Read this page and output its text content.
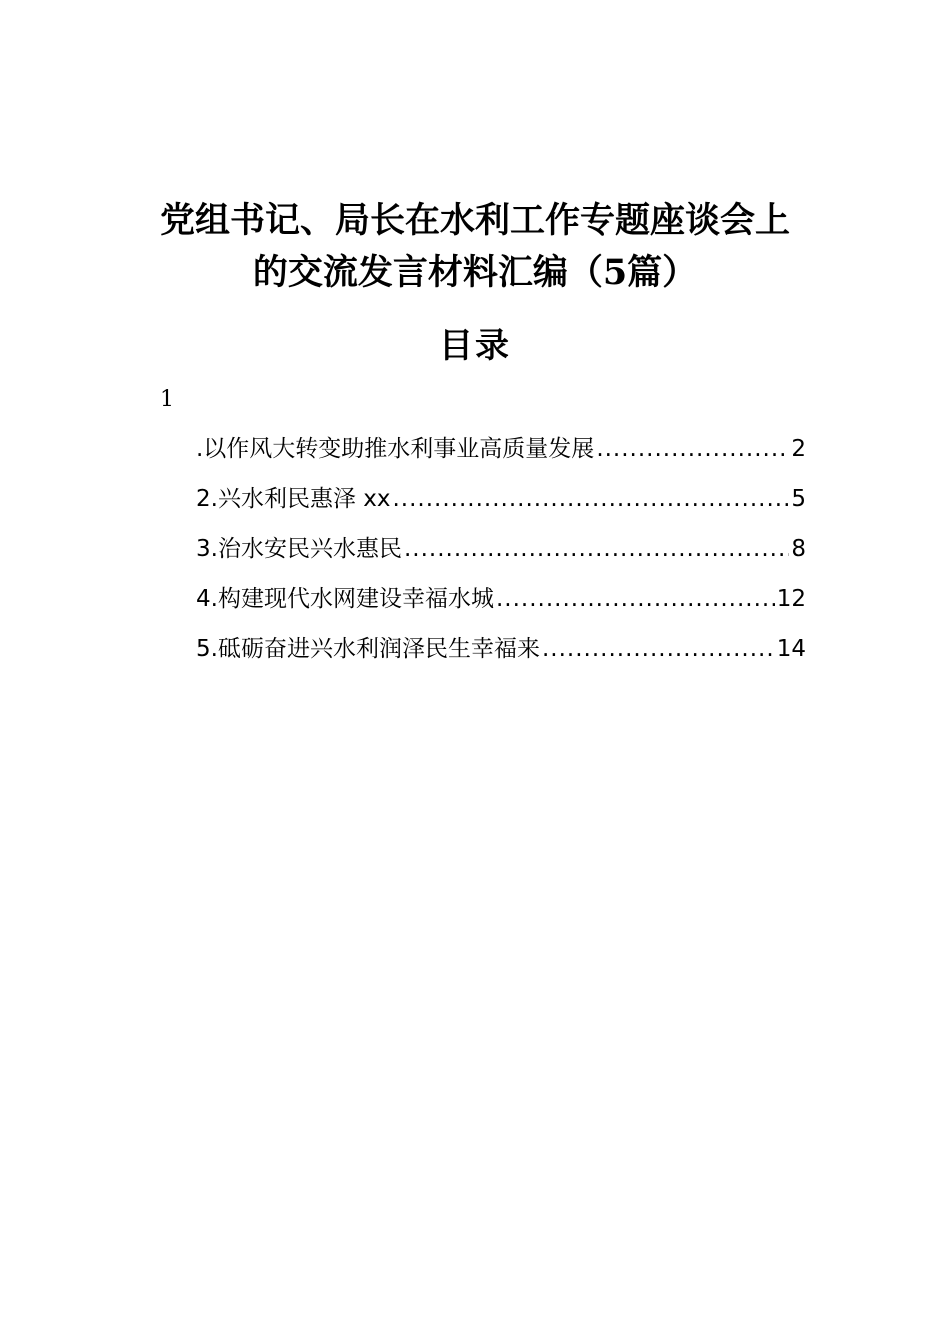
党组书记、局长在水利工作专题座谈会上
的交流发言材料汇编（5篇）
目录
1
.以作风大转变助推水利事业高质量发展 .....	2
2.兴水利民惠泽 xx .....	5
3.治水安民兴水惠民 .....	8
4.构建现代水网建设幸福水城 .....	12
5.砥砺奋进兴水利润泽民生幸福来 .....	14
